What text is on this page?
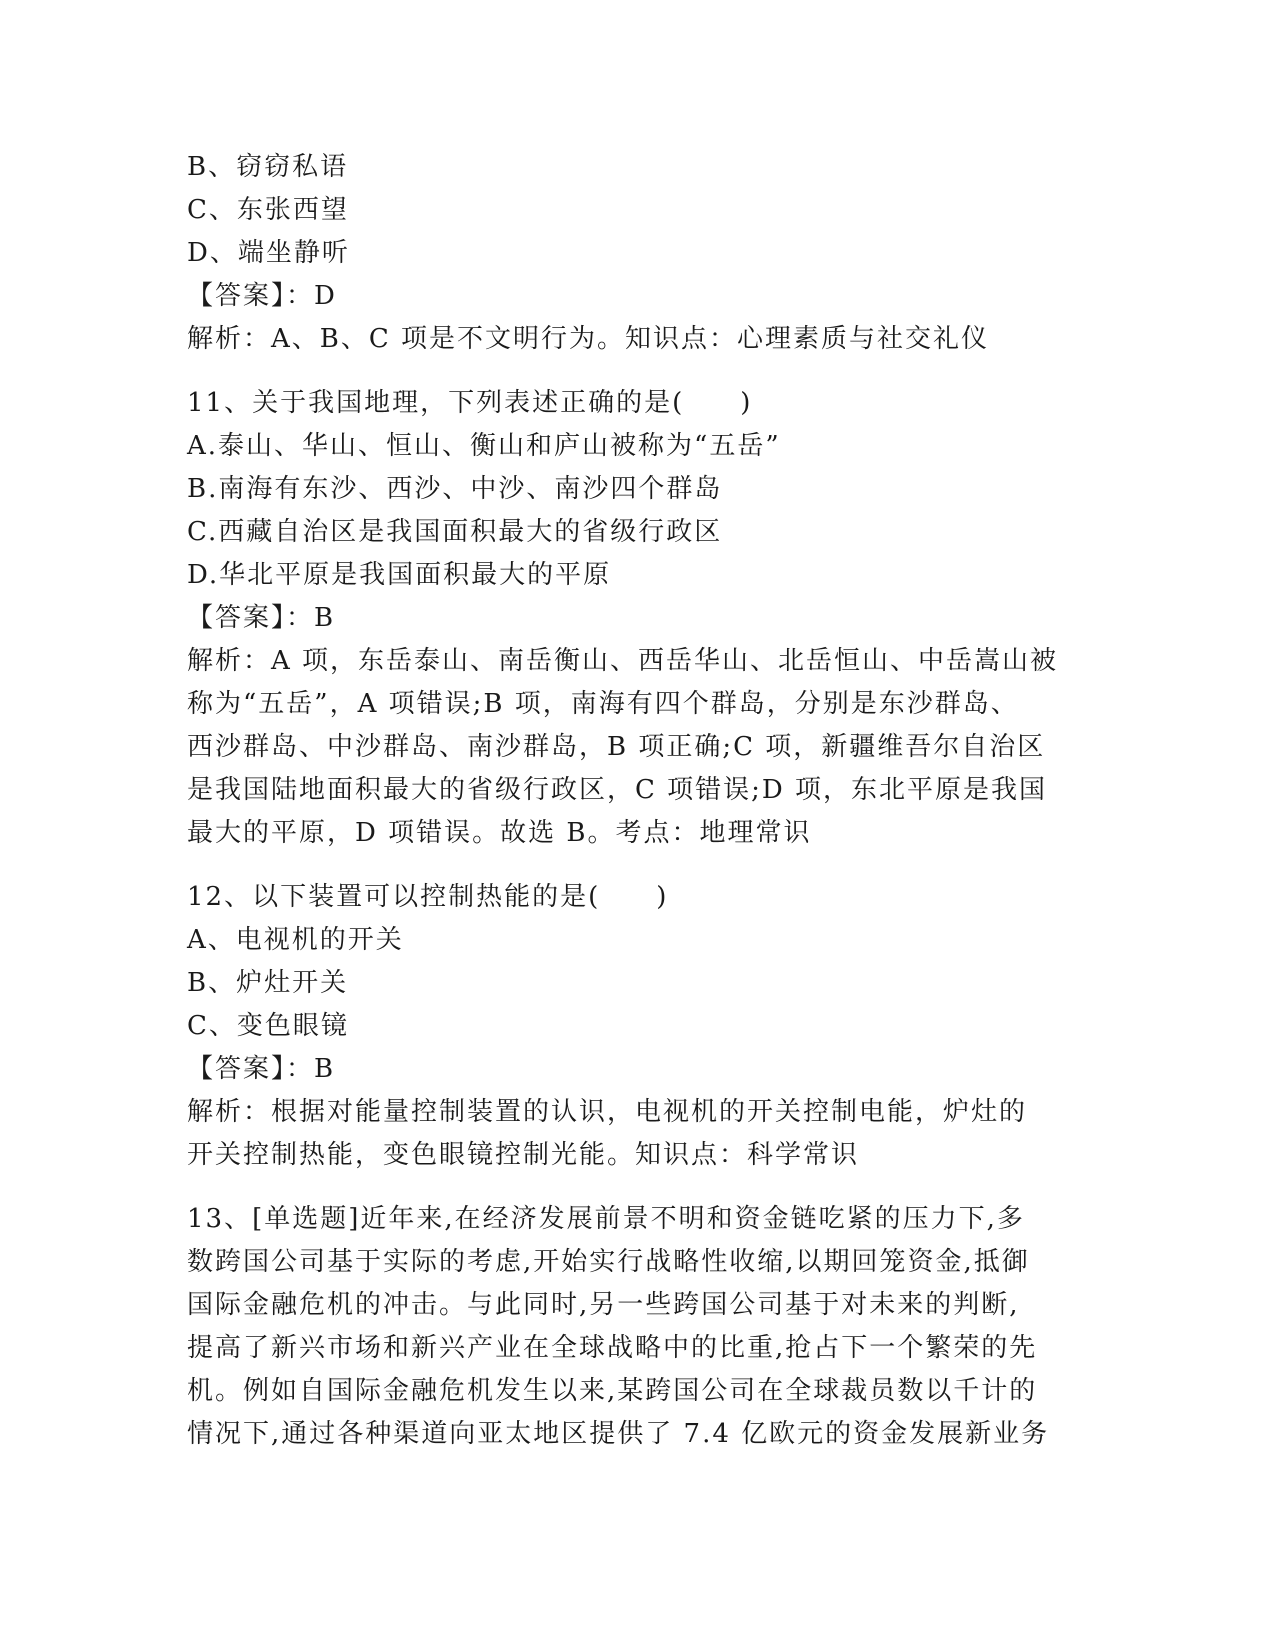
B、窃窃私语
C、东张西望
D、端坐静听
【答案】：D
解析：A、B、C 项是不文明行为。知识点：心理素质与社交礼仪
11、关于我国地理，下列表述正确的是(　　)
A.泰山、华山、恒山、衡山和庐山被称为“五岳”
B.南海有东沙、西沙、中沙、南沙四个群岛
C.西藏自治区是我国面积最大的省级行政区
D.华北平原是我国面积最大的平原
【答案】：B
解析：A 项，东岳泰山、南岳衡山、西岳华山、北岳恒山、中岳嵩山被
称为“五岳”，A 项错误;B 项，南海有四个群岛，分别是东沙群岛、
西沙群岛、中沙群岛、南沙群岛，B 项正确;C 项，新疆维吾尔自治区
是我国陆地面积最大的省级行政区，C 项错误;D 项，东北平原是我国
最大的平原，D 项错误。故选 B。考点：地理常识
12、以下装置可以控制热能的是(　　)
A、电视机的开关
B、炉灶开关
C、变色眼镜
【答案】：B
解析：根据对能量控制装置的认识，电视机的开关控制电能，炉灶的
开关控制热能，变色眼镜控制光能。知识点：科学常识
13、[单选题]近年来,在经济发展前景不明和资金链吃紧的压力下,多
数跨国公司基于实际的考虑,开始实行战略性收缩,以期回笼资金,抵御
国际金融危机的冲击。与此同时,另一些跨国公司基于对未来的判断,
提高了新兴市场和新兴产业在全球战略中的比重,抢占下一个繁荣的先
机。例如自国际金融危机发生以来,某跨国公司在全球裁员数以千计的
情况下,通过各种渠道向亚太地区提供了 7.4 亿欧元的资金发展新业务
